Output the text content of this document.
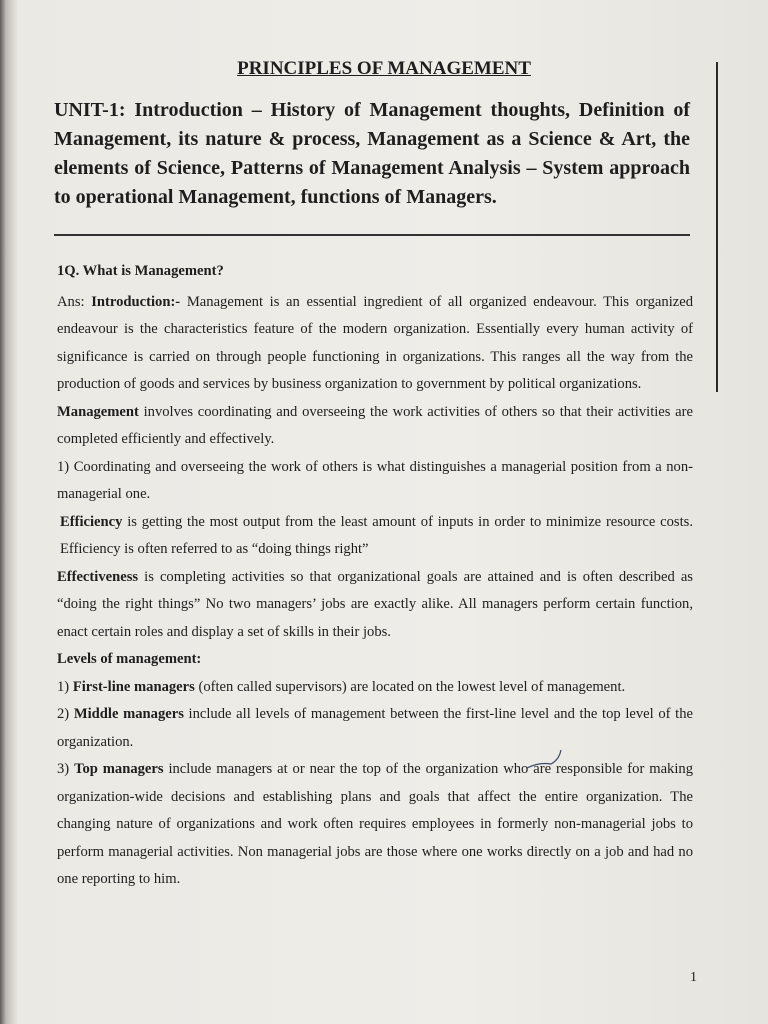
PRINCIPLES OF MANAGEMENT
UNIT-1: Introduction – History of Management thoughts, Definition of Management, its nature & process, Management as a Science & Art, the elements of Science, Patterns of Management Analysis – System approach to operational Management, functions of Managers.

1Q. What is Management?

Ans: Introduction:- Management is an essential ingredient of all organized endeavour. This organized endeavour is the characteristics feature of the modern organization. Essentially every human activity of significance is carried on through people functioning in organizations. This ranges all the way from the production of goods and services by business organization to government by political organizations.

Management involves coordinating and overseeing the work activities of others so that their activities are completed efficiently and effectively.

1) Coordinating and overseeing the work of others is what distinguishes a managerial position from a non-managerial one.

Efficiency is getting the most output from the least amount of inputs in order to minimize resource costs. Efficiency is often referred to as “doing things right”

Effectiveness is completing activities so that organizational goals are attained and is often described as “doing the right things” No two managers’ jobs are exactly alike. All managers perform certain function, enact certain roles and display a set of skills in their jobs.

Levels of management:

1) First-line managers (often called supervisors) are located on the lowest level of management.

2) Middle managers include all levels of management between the first-line level and the top level of the organization.

3) Top managers include managers at or near the top of the organization who are responsible for making organization-wide decisions and establishing plans and goals that affect the entire organization. The changing nature of organizations and work often requires employees in formerly non-managerial jobs to perform managerial activities. Non managerial jobs are those where one works directly on a job and had no one reporting to him.

1
